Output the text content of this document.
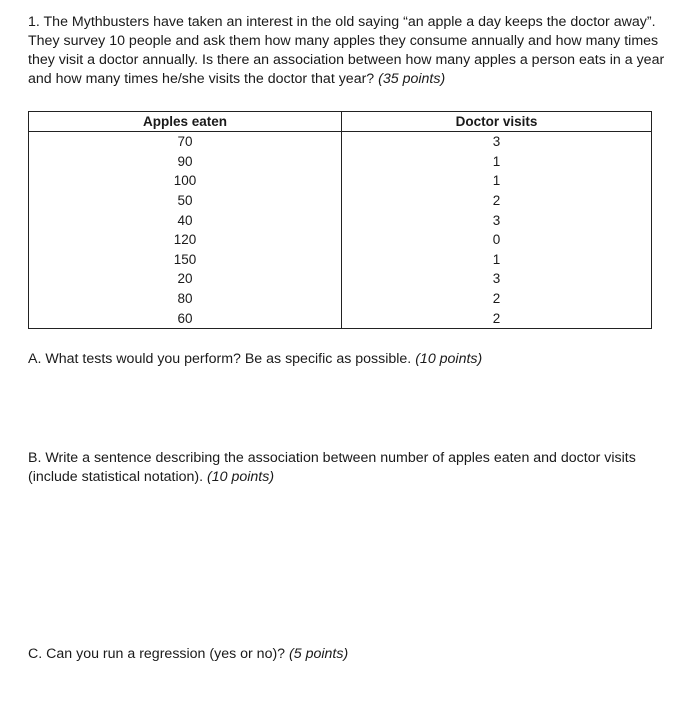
1. The Mythbusters have taken an interest in the old saying “an apple a day keeps the doctor away”. They survey 10 people and ask them how many apples they consume annually and how many times they visit a doctor annually. Is there an association between how many apples a person eats in a year and how many times he/she visits the doctor that year? (35 points)

Apples eaten	Doctor visits
70	3
90	1
100	1
50	2
40	3
120	0
150	1
20	3
80	2
60	2

A. What tests would you perform? Be as specific as possible. (10 points)

B. Write a sentence describing the association between number of apples eaten and doctor visits (include statistical notation). (10 points)

C. Can you run a regression (yes or no)? (5 points)
